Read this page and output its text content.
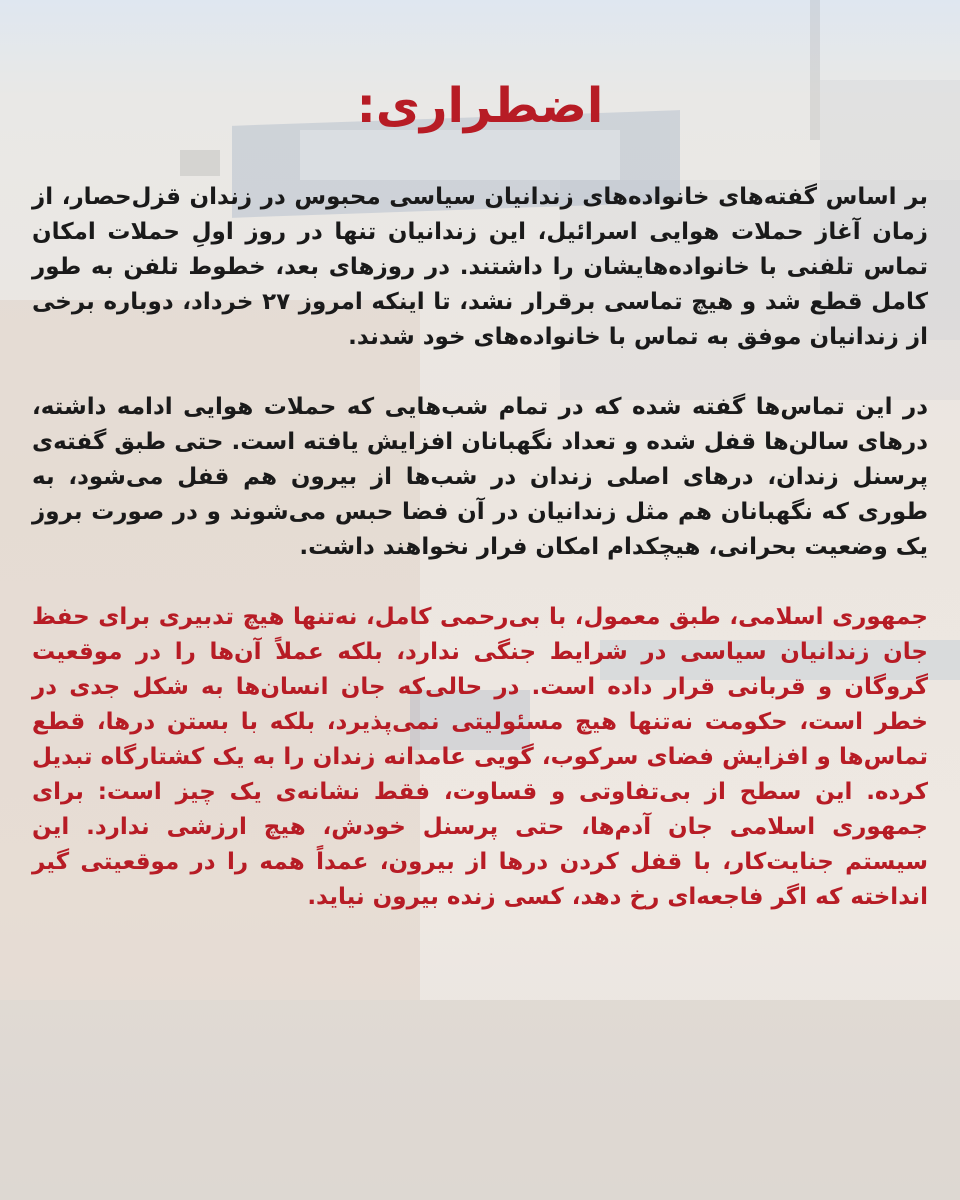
اضطراری:

بر اساس گفته‌های خانواده‌های زندانیان سیاسی محبوس در زندان قزل‌حصار، از زمان آغاز حملات هوایی اسرائیل، این زندانیان تنها در روز اولِ حملات امکان تماس تلفنی با خانواده‌هایشان را داشتند. در روزهای بعد، خطوط تلفن به طور کامل قطع شد و هیچ تماسی برقرار نشد، تا اینکه امروز ۲۷ خرداد، دوباره برخی از زندانیان موفق به تماس با خانواده‌های خود شدند.

در این تماس‌ها گفته شده که در تمام شب‌هایی که حملات هوایی ادامه داشته، درهای سالن‌ها قفل شده و تعداد نگهبانان افزایش یافته است. حتی طبق گفته‌ی پرسنل زندان، درهای اصلی زندان در شب‌ها از بیرون هم قفل می‌شود، به طوری که نگهبانان هم مثل زندانیان در آن فضا حبس می‌شوند و در صورت بروز یک وضعیت بحرانی، هیچکدام امکان فرار نخواهند داشت.

جمهوری اسلامی، طبق معمول، با بی‌رحمی کامل، نه‌تنها هیچ تدبیری برای حفظ جان زندانیان سیاسی در شرایط جنگی ندارد، بلکه عملاً آن‌ها را در موقعیت گروگان و قربانی قرار داده است. در حالی‌که جان انسان‌ها به شکل جدی در خطر است، حکومت نه‌تنها هیچ مسئولیتی نمی‌پذیرد، بلکه با بستن درها، قطع تماس‌ها و افزایش فضای سرکوب، گویی عامدانه زندان را به یک کشتارگاه تبدیل کرده. این سطح از بی‌تفاوتی و قساوت، فقط نشانه‌ی یک چیز است: برای جمهوری اسلامی جان آدم‌ها، حتی پرسنل خودش، هیچ ارزشی ندارد. این سیستم جنایت‌کار، با قفل کردن درها از بیرون، عمداً همه را در موقعیتی گیر انداخته که اگر فاجعه‌ای رخ دهد، کسی زنده بیرون نیاید.
